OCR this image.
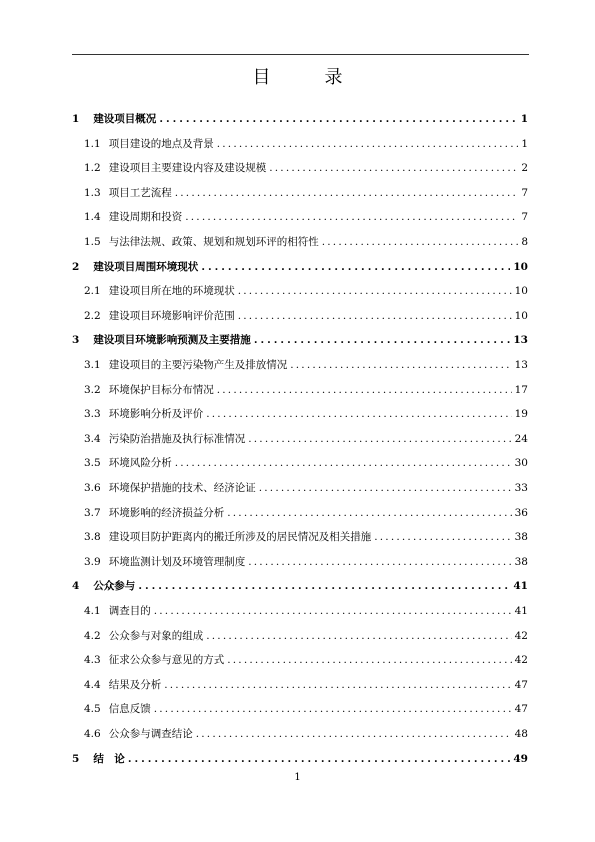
目　录
1 建设项目概况 .....	1
1.1 项目建设的地点及背景 .....	1
1.2 建设项目主要建设内容及建设规模 .....	2
1.3 项目工艺流程 .....	7
1.4 建设周期和投资 .....	7
1.5 与法律法规、政策、规划和规划环评的相符性 .....	8
2 建设项目周围环境现状 .....	10
2.1 建设项目所在地的环境现状 .....	10
2.2 建设项目环境影响评价范围 .....	10
3 建设项目环境影响预测及主要措施 .....	13
3.1 建设项目的主要污染物产生及排放情况 .....	13
3.2 环境保护目标分布情况 .....	17
3.3 环境影响分析及评价 .....	19
3.4 污染防治措施及执行标准情况 .....	24
3.5 环境风险分析 .....	30
3.6 环境保护措施的技术、经济论证 .....	33
3.7 环境影响的经济损益分析 .....	36
3.8 建设项目防护距离内的搬迁所涉及的居民情况及相关措施 .....	38
3.9 环境监测计划及环境管理制度 .....	38
4 公众参与 .....	41
4.1 调查目的 .....	41
4.2 公众参与对象的组成 .....	42
4.3 征求公众参与意见的方式 .....	42
4.4 结果及分析 .....	47
4.5 信息反馈 .....	47
4.6 公众参与调查结论 .....	48
5 结　论 .....	49
1
